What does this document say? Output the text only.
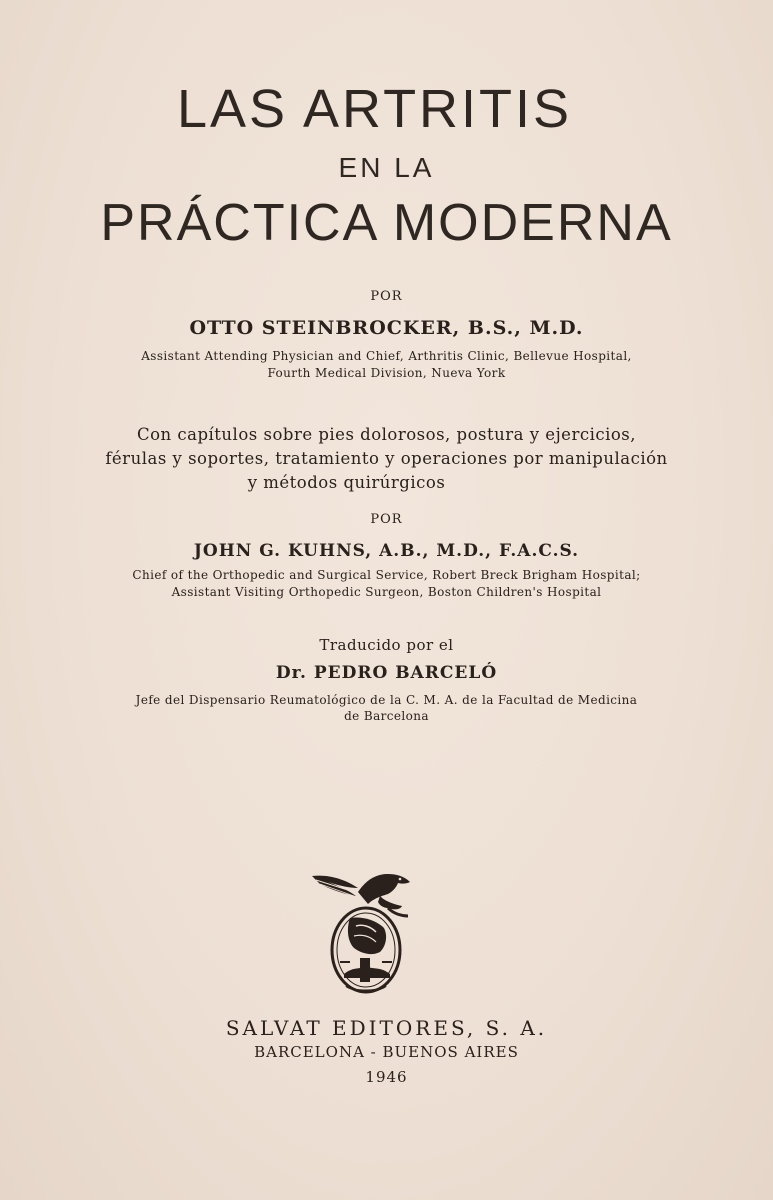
LAS ARTRITIS
EN LA
PRÁCTICA MODERNA
POR
OTTO STEINBROCKER, B.S., M.D.
Assistant Attending Physician and Chief, Arthritis Clinic, Bellevue Hospital,
Fourth Medical Division, Nueva York
Con capítulos sobre pies dolorosos, postura y ejercicios,
férulas y soportes, tratamiento y operaciones por manipulación
y métodos quirúrgicos
POR
JOHN G. KUHNS, A.B., M.D., F.A.C.S.
Chief of the Orthopedic and Surgical Service, Robert Breck Brigham Hospital;
Assistant Visiting Orthopedic Surgeon, Boston Children's Hospital
Traducido por el
Dr. PEDRO BARCELÓ
Jefe del Dispensario Reumatológico de la C. M. A. de la Facultad de Medicina
de Barcelona
SALVAT EDITORES, S. A.
BARCELONA - BUENOS AIRES
1946
